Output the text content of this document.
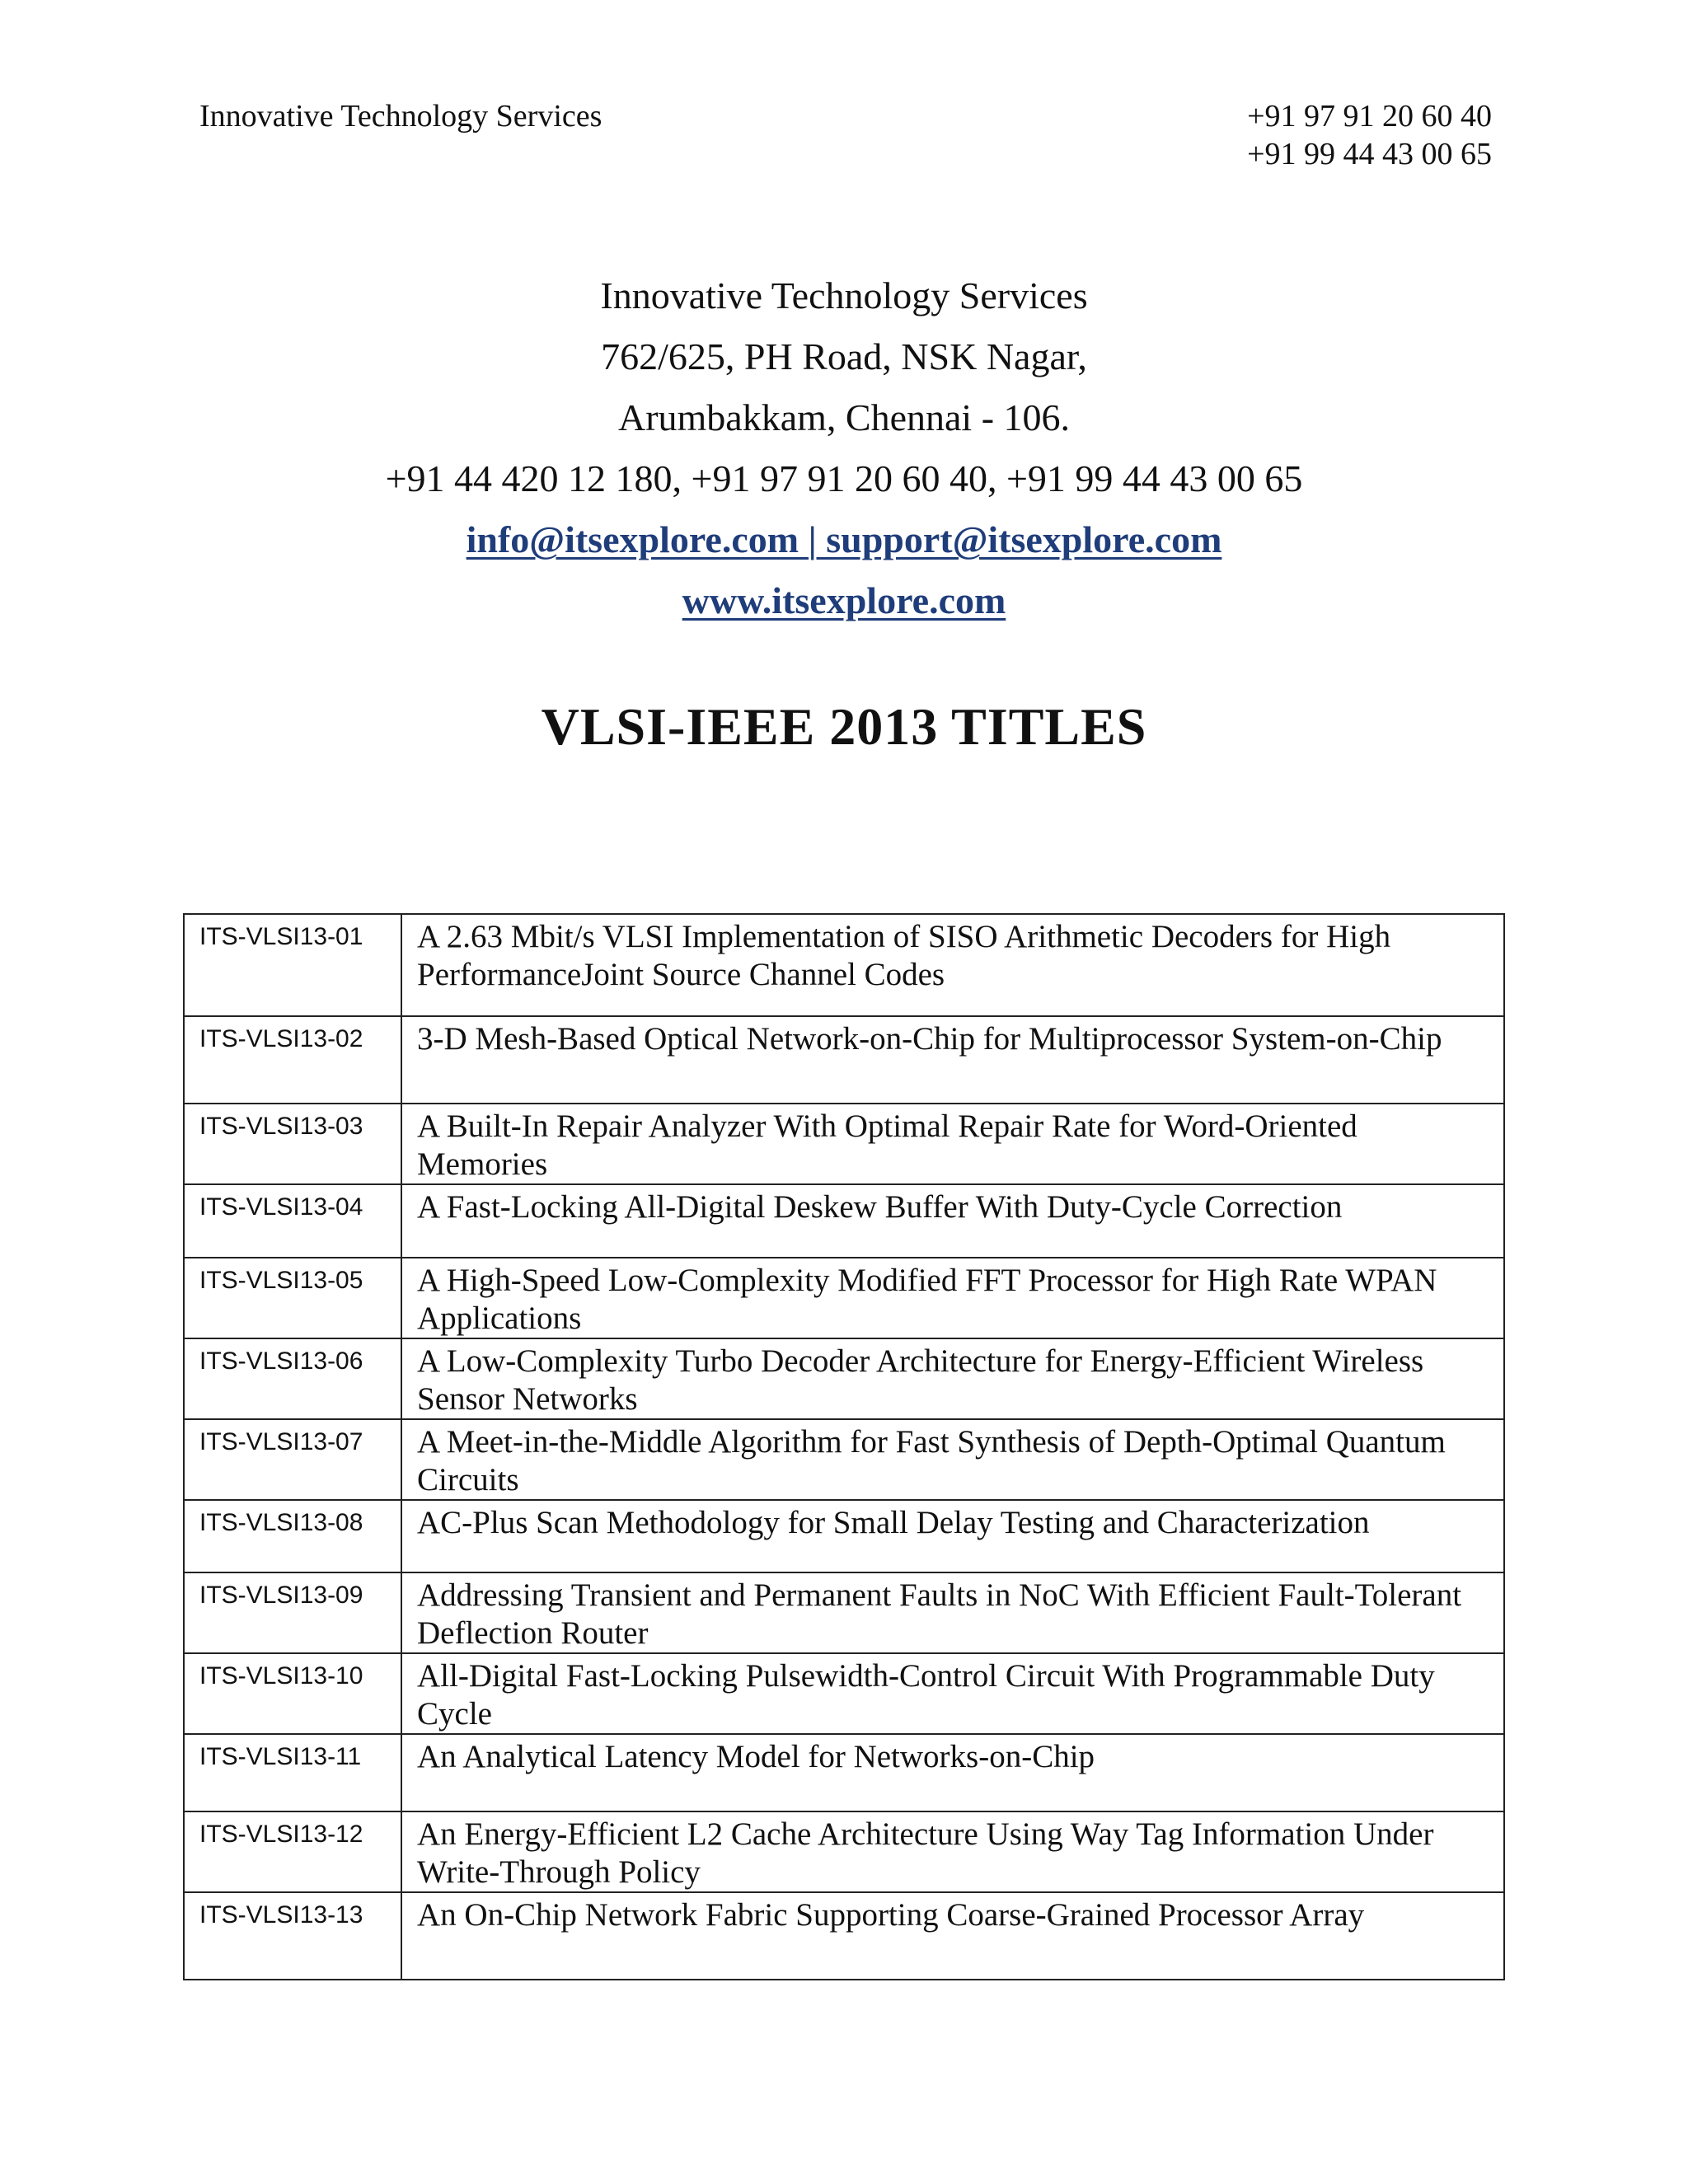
Innovative Technology Services	+91 97 91 20 60 40
+91 99 44 43 00 65
Innovative Technology Services
762/625, PH Road, NSK Nagar,
Arumbakkam, Chennai - 106.
+91 44 420 12 180, +91 97 91 20 60 40, +91 99 44 43 00 65
info@itsexplore.com | support@itsexplore.com
www.itsexplore.com
VLSI-IEEE 2013 TITLES
ITS-VLSI13-01	A 2.63 Mbit/s VLSI Implementation of SISO Arithmetic Decoders for High PerformanceJoint Source Channel Codes
ITS-VLSI13-02	3-D Mesh-Based Optical Network-on-Chip for Multiprocessor System-on-Chip
ITS-VLSI13-03	A Built-In Repair Analyzer With Optimal Repair Rate for Word-Oriented Memories
ITS-VLSI13-04	A Fast-Locking All-Digital Deskew Buffer With Duty-Cycle Correction
ITS-VLSI13-05	A High-Speed Low-Complexity Modified FFT Processor for High Rate WPAN Applications
ITS-VLSI13-06	A Low-Complexity Turbo Decoder Architecture for Energy-Efficient Wireless Sensor Networks
ITS-VLSI13-07	A Meet-in-the-Middle Algorithm for Fast Synthesis of Depth-Optimal Quantum Circuits
ITS-VLSI13-08	AC-Plus Scan Methodology for Small Delay Testing and Characterization
ITS-VLSI13-09	Addressing Transient and Permanent Faults in NoC With Efficient Fault-Tolerant Deflection Router
ITS-VLSI13-10	All-Digital Fast-Locking Pulsewidth-Control Circuit With Programmable Duty Cycle
ITS-VLSI13-11	An Analytical Latency Model for Networks-on-Chip
ITS-VLSI13-12	An Energy-Efficient L2 Cache Architecture Using Way Tag Information Under Write-Through Policy
ITS-VLSI13-13	An On-Chip Network Fabric Supporting Coarse-Grained Processor Array
